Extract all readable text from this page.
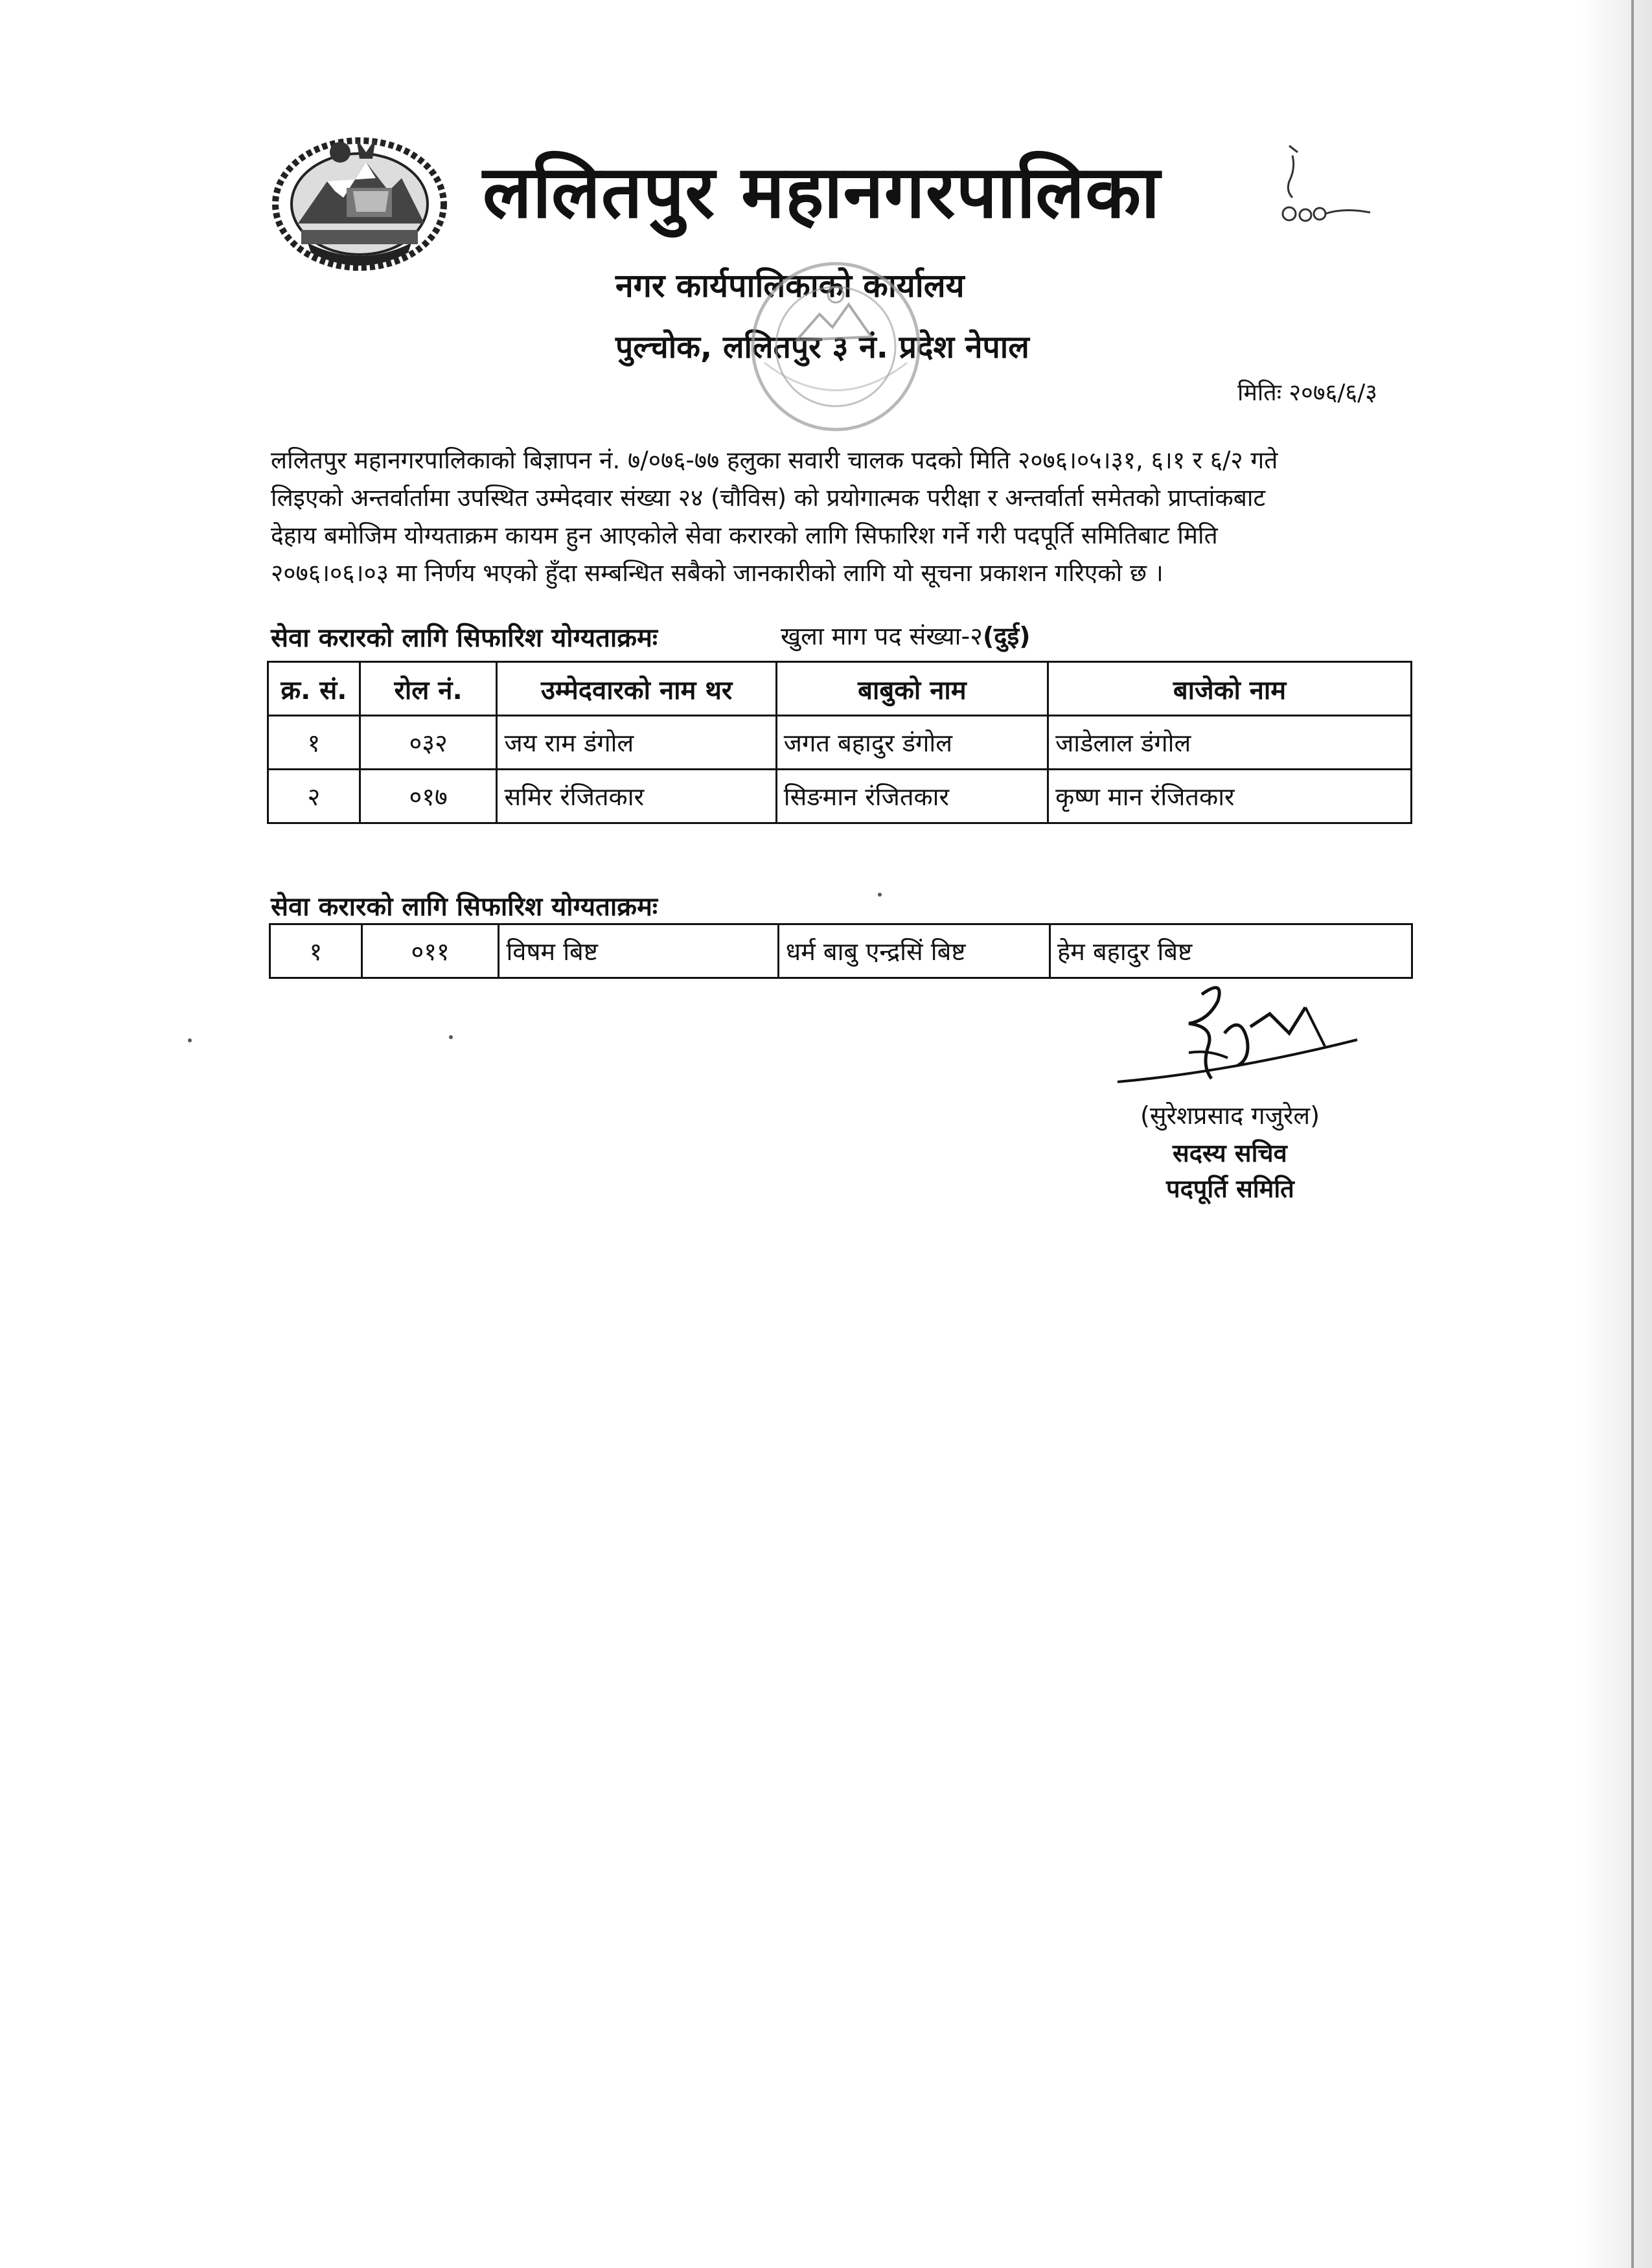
ललितपुर महानगरपालिका
नगर कार्यपालिकाको कार्यालय
पुल्चोक, ललितपुर ३ नं. प्रदेश नेपाल
मितिः २०७६/६/३
ललितपुर महानगरपालिकाको बिज्ञापन नं. ७/०७६-७७ हलुका सवारी चालक पदको मिति २०७६।०५।३१, ६।१ र ६/२ गते
लिइएको अन्तर्वार्तामा उपस्थित उम्मेदवार संख्या २४ (चौविस) को प्रयोगात्मक परीक्षा र अन्तर्वार्ता समेतको प्राप्तांकबाट
देहाय बमोजिम योग्यताक्रम कायम हुन आएकोले सेवा करारको लागि सिफारिश गर्ने गरी पदपूर्ति समितिबाट मिति
२०७६।०६।०३ मा निर्णय भएको हुँदा सम्बन्धित सबैको जानकारीको लागि यो सूचना प्रकाशन गरिएको छ ।
सेवा करारको लागि सिफारिश योग्यताक्रमः	खुला माग पद संख्या-२(दुई)
क्र. सं.	रोल नं.	उम्मेदवारको नाम थर	बाबुको नाम	बाजेको नाम
१	०३२	जय राम डंगोल	जगत बहादुर डंगोल	जाडेलाल डंगोल
२	०१७	समिर रंजितकार	सिङमान रंजितकार	कृष्ण मान रंजितकार
सेवा करारको लागि सिफारिश योग्यताक्रमः
१	०११	विषम बिष्ट	धर्म बाबु एन्द्रसिं बिष्ट	हेम बहादुर बिष्ट
(सुरेशप्रसाद गजुरेल)
सदस्य सचिव
पदपूर्ति समिति
